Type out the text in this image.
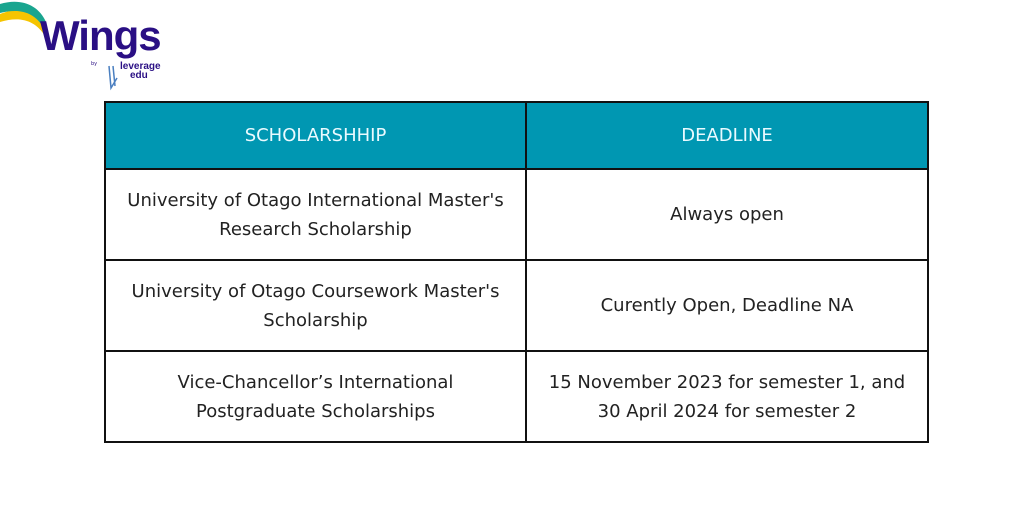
Wings
by leverage
edu
SCHOLARSHHIP	DEADLINE
University of Otago International Master's Research Scholarship	Always open
University of Otago Coursework Master's Scholarship	Curently Open, Deadline NA
Vice-Chancellor’s International Postgraduate Scholarships	15 November 2023 for semester 1, and 30 April 2024 for semester 2
